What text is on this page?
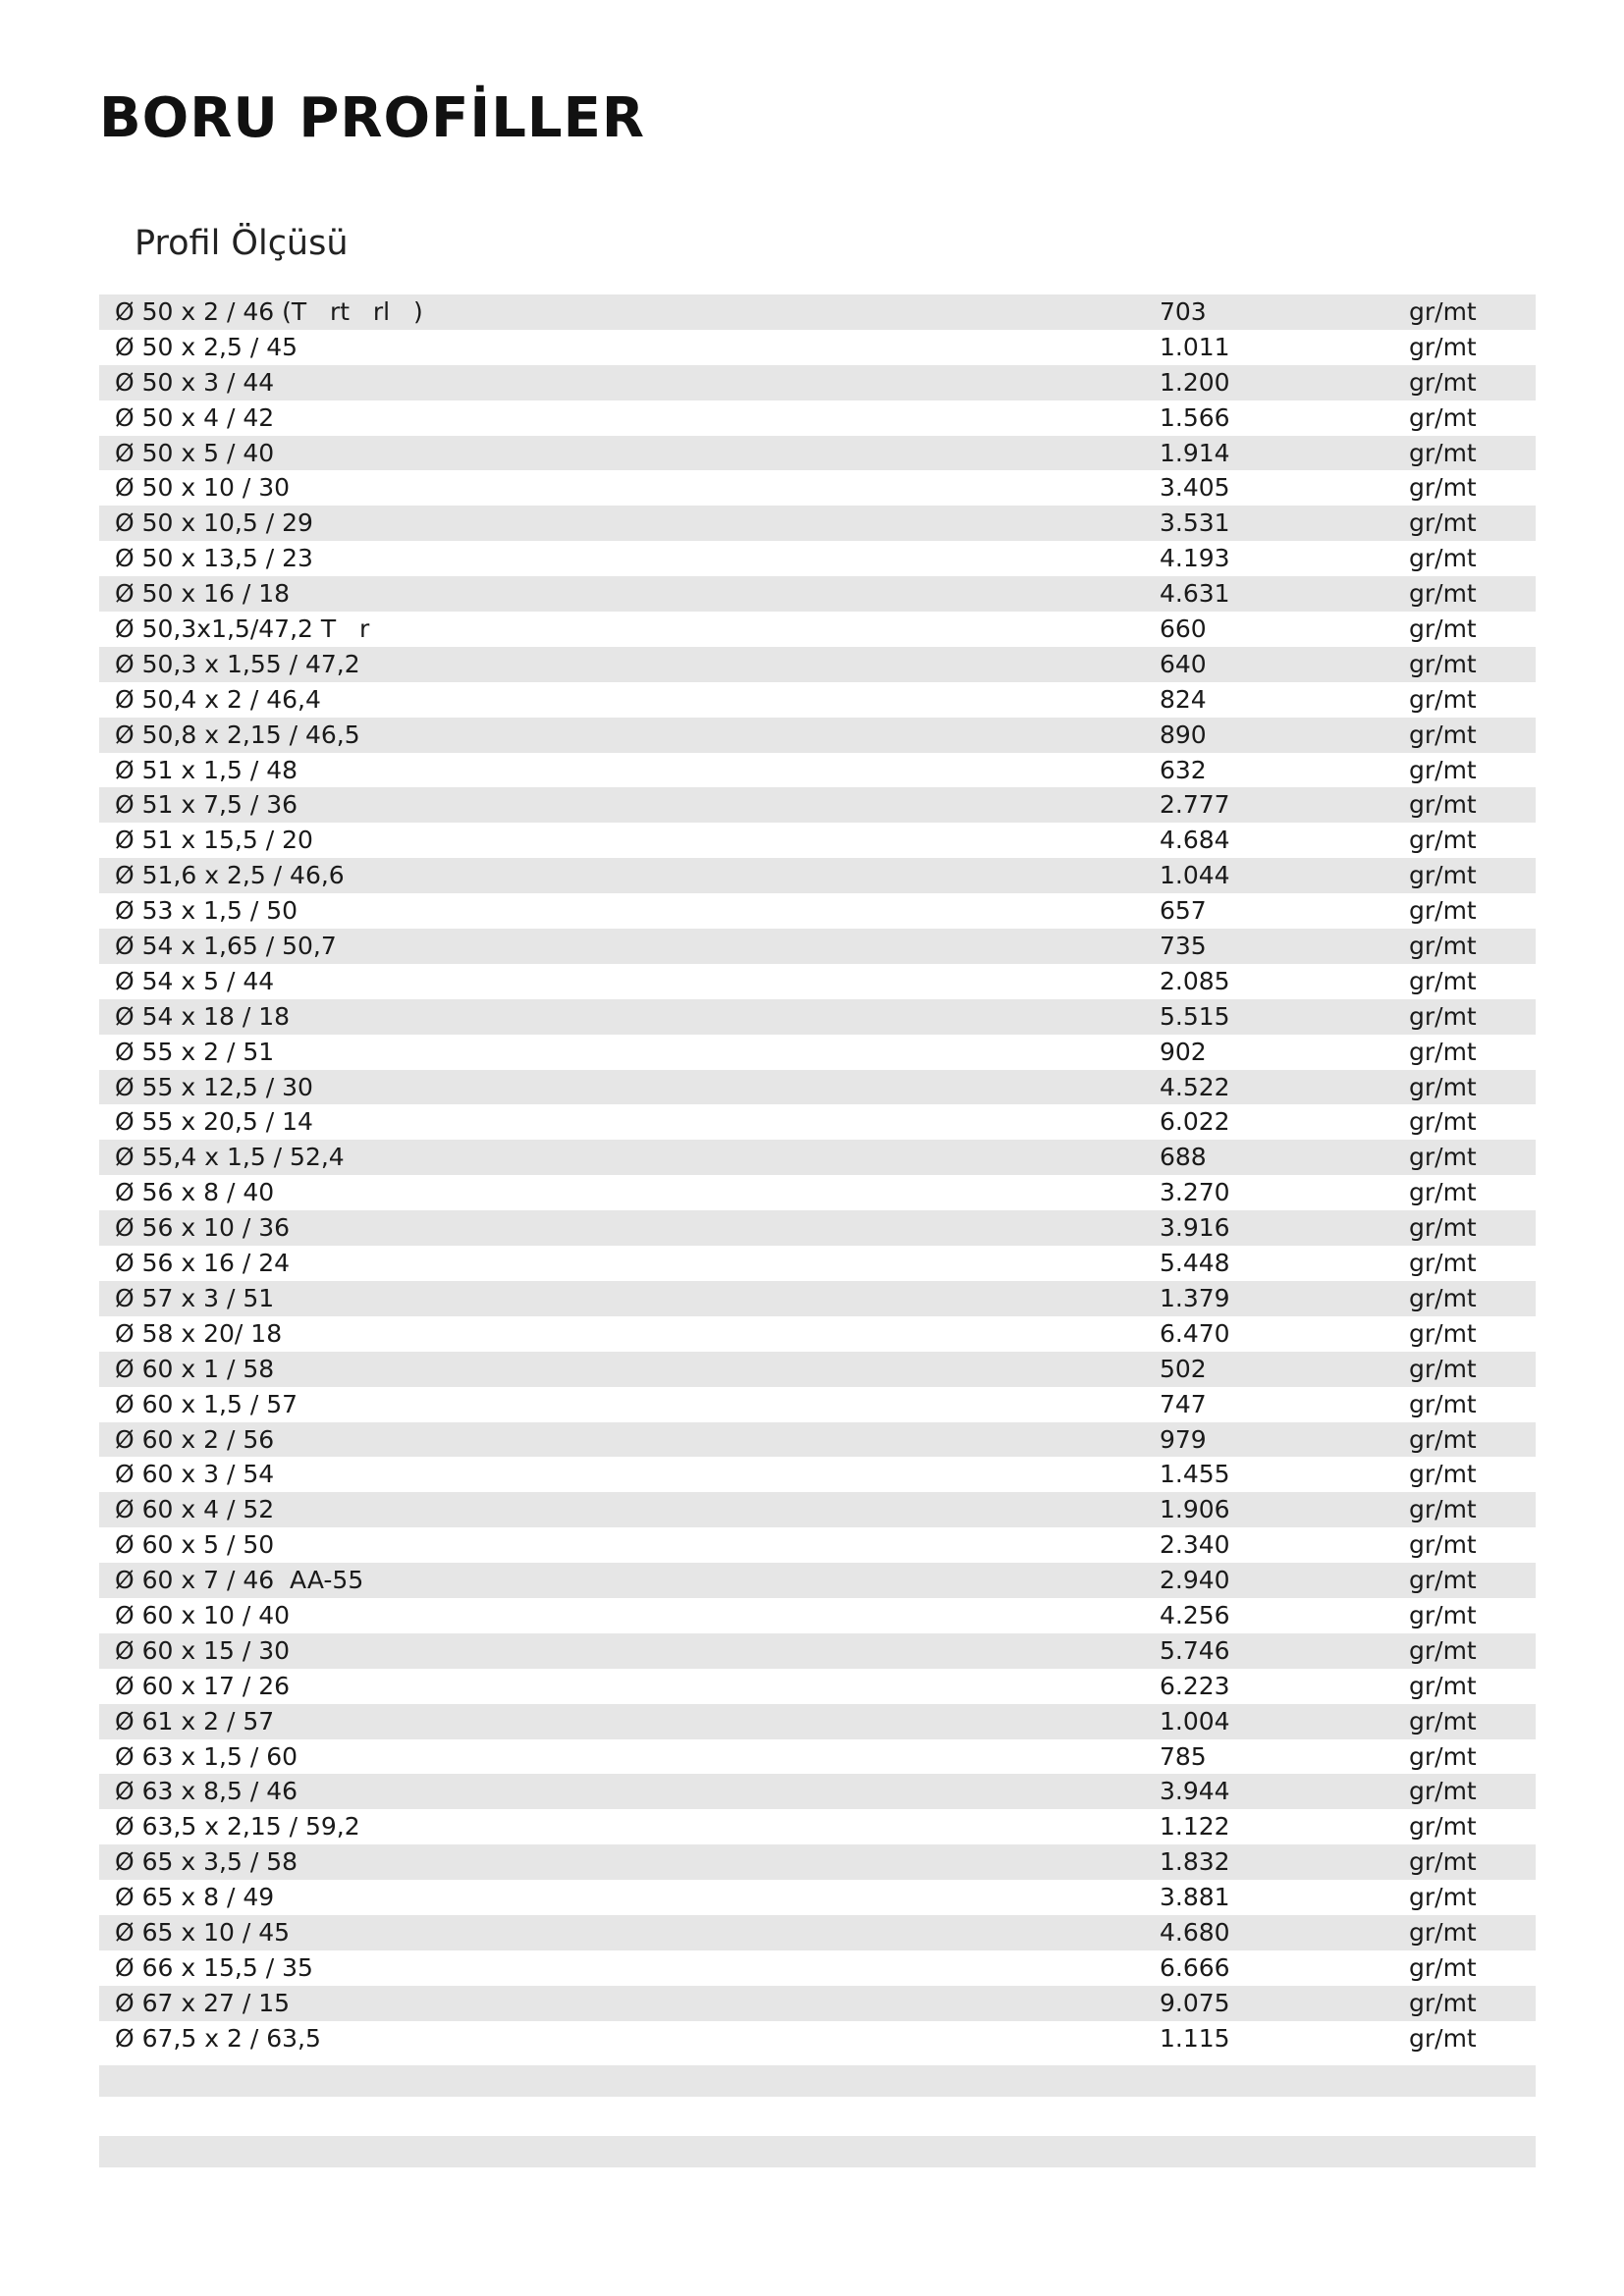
BORU PROFİLLER
Profil Ölçüsü
Ø 50 x 2 / 46 (T   rt   rl   )	703	gr/mt
Ø 50 x 2,5 / 45	1.011	gr/mt
Ø 50 x 3 / 44	1.200	gr/mt
Ø 50 x 4 / 42	1.566	gr/mt
Ø 50 x 5 / 40	1.914	gr/mt
Ø 50 x 10 / 30	3.405	gr/mt
Ø 50 x 10,5 / 29	3.531	gr/mt
Ø 50 x 13,5 / 23	4.193	gr/mt
Ø 50 x 16 / 18	4.631	gr/mt
Ø 50,3x1,5/47,2 T   r	660	gr/mt
Ø 50,3 x 1,55 / 47,2	640	gr/mt
Ø 50,4 x 2 / 46,4	824	gr/mt
Ø 50,8 x 2,15 / 46,5	890	gr/mt
Ø 51 x 1,5 / 48	632	gr/mt
Ø 51 x 7,5 / 36	2.777	gr/mt
Ø 51 x 15,5 / 20	4.684	gr/mt
Ø 51,6 x 2,5 / 46,6	1.044	gr/mt
Ø 53 x 1,5 / 50	657	gr/mt
Ø 54 x 1,65 / 50,7	735	gr/mt
Ø 54 x 5 / 44	2.085	gr/mt
Ø 54 x 18 / 18	5.515	gr/mt
Ø 55 x 2 / 51	902	gr/mt
Ø 55 x 12,5 / 30	4.522	gr/mt
Ø 55 x 20,5 / 14	6.022	gr/mt
Ø 55,4 x 1,5 / 52,4	688	gr/mt
Ø 56 x 8 / 40	3.270	gr/mt
Ø 56 x 10 / 36	3.916	gr/mt
Ø 56 x 16 / 24	5.448	gr/mt
Ø 57 x 3 / 51	1.379	gr/mt
Ø 58 x 20/ 18	6.470	gr/mt
Ø 60 x 1 / 58	502	gr/mt
Ø 60 x 1,5 / 57	747	gr/mt
Ø 60 x 2 / 56	979	gr/mt
Ø 60 x 3 / 54	1.455	gr/mt
Ø 60 x 4 / 52	1.906	gr/mt
Ø 60 x 5 / 50	2.340	gr/mt
Ø 60 x 7 / 46  AA-55	2.940	gr/mt
Ø 60 x 10 / 40	4.256	gr/mt
Ø 60 x 15 / 30	5.746	gr/mt
Ø 60 x 17 / 26	6.223	gr/mt
Ø 61 x 2 / 57	1.004	gr/mt
Ø 63 x 1,5 / 60	785	gr/mt
Ø 63 x 8,5 / 46	3.944	gr/mt
Ø 63,5 x 2,15 / 59,2	1.122	gr/mt
Ø 65 x 3,5 / 58	1.832	gr/mt
Ø 65 x 8 / 49	3.881	gr/mt
Ø 65 x 10 / 45	4.680	gr/mt
Ø 66 x 15,5 / 35	6.666	gr/mt
Ø 67 x 27 / 15	9.075	gr/mt
Ø 67,5 x 2 / 63,5	1.115	gr/mt
